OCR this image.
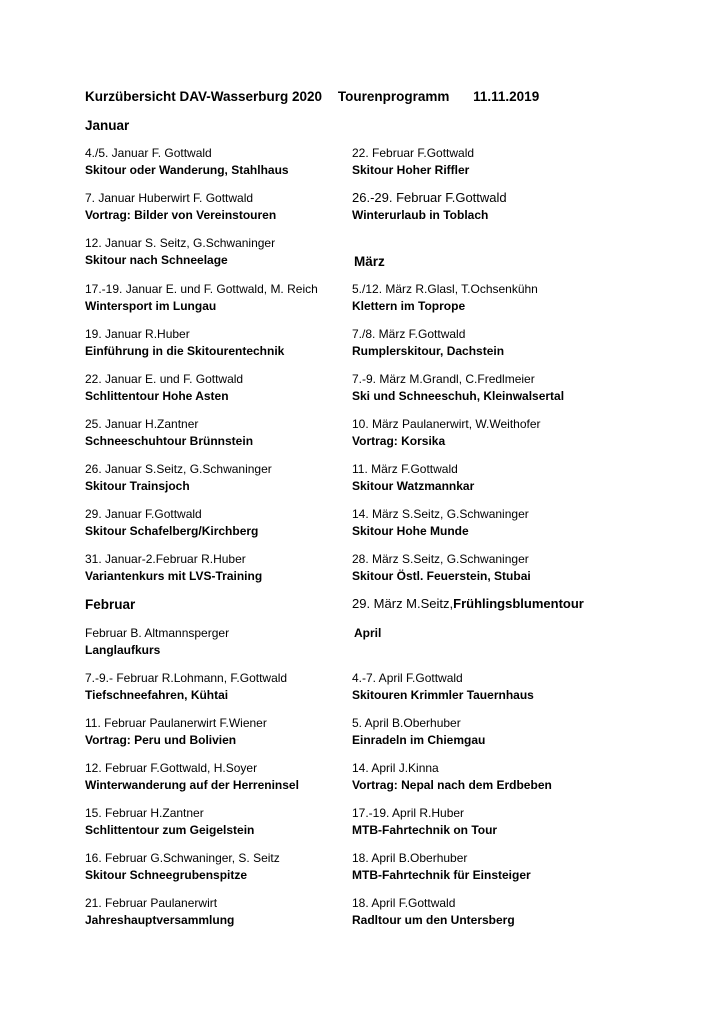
Kurzübersicht DAV-Wasserburg 2020 Tourenprogramm 11.11.2019
Januar
4./5. Januar F. Gottwald
Skitour oder Wanderung, Stahlhaus
7. Januar Huberwirt F. Gottwald
Vortrag: Bilder von Vereinstouren
12. Januar S. Seitz, G.Schwaninger
Skitour nach Schneelage
17.-19. Januar E. und F. Gottwald, M. Reich
Wintersport im Lungau
19. Januar R.Huber
Einführung in die Skitourentechnik
22. Januar E. und F. Gottwald
Schlittentour Hohe Asten
25. Januar H.Zantner
Schneeschuhtour Brünnstein
26. Januar S.Seitz, G.Schwaninger
Skitour Trainsjoch
29. Januar F.Gottwald
Skitour Schafelberg/Kirchberg
31. Januar-2.Februar R.Huber
Variantenkurs mit LVS-Training
Februar
Februar B. Altmannsperger
Langlaufkurs
7.-9.- Februar R.Lohmann, F.Gottwald
Tiefschneefahren, Kühtai
11. Februar Paulanerwirt F.Wiener
Vortrag: Peru und Bolivien
12. Februar F.Gottwald, H.Soyer
Winterwanderung auf der Herreninsel
15. Februar H.Zantner
Schlittentour zum Geigelstein
16. Februar G.Schwaninger, S. Seitz
Skitour Schneegrubenspitze
21. Februar Paulanerwirt
Jahreshauptversammlung
22. Februar F.Gottwald
Skitour Hoher Riffler
26.-29. Februar F.Gottwald
Winterurlaub in Toblach
März
5./12. März R.Glasl, T.Ochsenkühn
Klettern im Toprope
7./8. März F.Gottwald
Rumplerskitour, Dachstein
7.-9. März M.Grandl, C.Fredlmeier
Ski und Schneeschuh, Kleinwalsertal
10. März Paulanerwirt, W.Weithofer
Vortrag: Korsika
11. März F.Gottwald
Skitour Watzmannkar
14. März S.Seitz, G.Schwaninger
Skitour Hohe Munde
28. März S.Seitz, G.Schwaninger
Skitour Östl. Feuerstein, Stubai
29. März M.Seitz,Frühlingsblumentour
April
4.-7. April F.Gottwald
Skitouren Krimmler Tauernhaus
5. April B.Oberhuber
Einradeln im Chiemgau
14. April J.Kinna
Vortrag: Nepal nach dem Erdbeben
17.-19. April R.Huber
MTB-Fahrtechnik on Tour
18. April B.Oberhuber
MTB-Fahrtechnik für Einsteiger
18. April F.Gottwald
Radltour um den Untersberg
